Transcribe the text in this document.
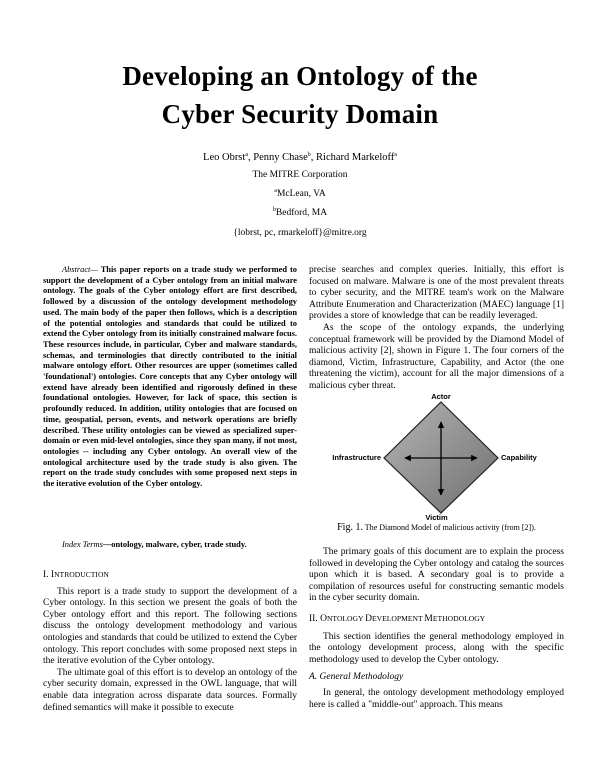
Developing an Ontology of the
Cyber Security Domain
Leo Obrst$^a$, Penny Chase$^b$, Richard Markeloff$^a$
The MITRE Corporation
$^a$McLean, VA
$^b$Bedford, MA
{lobrst, pc, rmarkeloff}@mitre.org
Abstract— This paper reports on a trade study we performed to support the development of a Cyber ontology from an initial malware ontology. The goals of the Cyber ontology effort are first described, followed by a discussion of the ontology development methodology used. The main body of the paper then follows, which is a description of the potential ontologies and standards that could be utilized to extend the Cyber ontology from its initially constrained malware focus. These resources include, in particular, Cyber and malware standards, schemas, and terminologies that directly contributed to the initial malware ontology effort. Other resources are upper (sometimes called 'foundational') ontologies. Core concepts that any Cyber ontology will extend have already been identified and rigorously defined in these foundational ontologies. However, for lack of space, this section is profoundly reduced. In addition, utility ontologies that are focused on time, geospatial, person, events, and network operations are briefly described. These utility ontologies can be viewed as specialized super-domain or even mid-level ontologies, since they span many, if not most, ontologies -- including any Cyber ontology. An overall view of the ontological architecture used by the trade study is also given. The report on the trade study concludes with some proposed next steps in the iterative evolution of the Cyber ontology.
Index Terms—ontology, malware, cyber, trade study.
I. INTRODUCTION

This report is a trade study to support the development of a Cyber ontology. In this section we present the goals of both the Cyber ontology effort and this report. The following sections discuss the ontology development methodology and various ontologies and standards that could be utilized to extend the Cyber ontology. This report concludes with some proposed next steps in the iterative evolution of the Cyber ontology.

The ultimate goal of this effort is to develop an ontology of the cyber security domain, expressed in the OWL language, that will enable data integration across disparate data sources. Formally defined semantics will make it possible to execute

precise searches and complex queries. Initially, this effort is focused on malware. Malware is one of the most prevalent threats to cyber security, and the MITRE team's work on the Malware Attribute Enumeration and Characterization (MAEC) language [1] provides a store of knowledge that can be readily leveraged.

As the scope of the ontology expands, the underlying conceptual framework will be provided by the Diamond Model of malicious activity [2], shown in Figure 1. The four corners of the diamond, Victim, Infrastructure, Capability, and Actor (the one threatening the victim), account for all the major dimensions of a malicious cyber threat.

Actor
Infrastructure	Capability
Victim
Fig. 1. The Diamond Model of malicious activity (from [2]).

The primary goals of this document are to explain the process followed in developing the Cyber ontology and catalog the sources upon which it is based. A secondary goal is to provide a compilation of resources useful for constructing semantic models in the cyber security domain.

II. ONTOLOGY DEVELOPMENT METHODOLOGY

This section identifies the general methodology employed in the ontology development process, along with the specific methodology used to develop the Cyber ontology.

A. General Methodology

In general, the ontology development methodology employed here is called a "middle-out" approach. This means
